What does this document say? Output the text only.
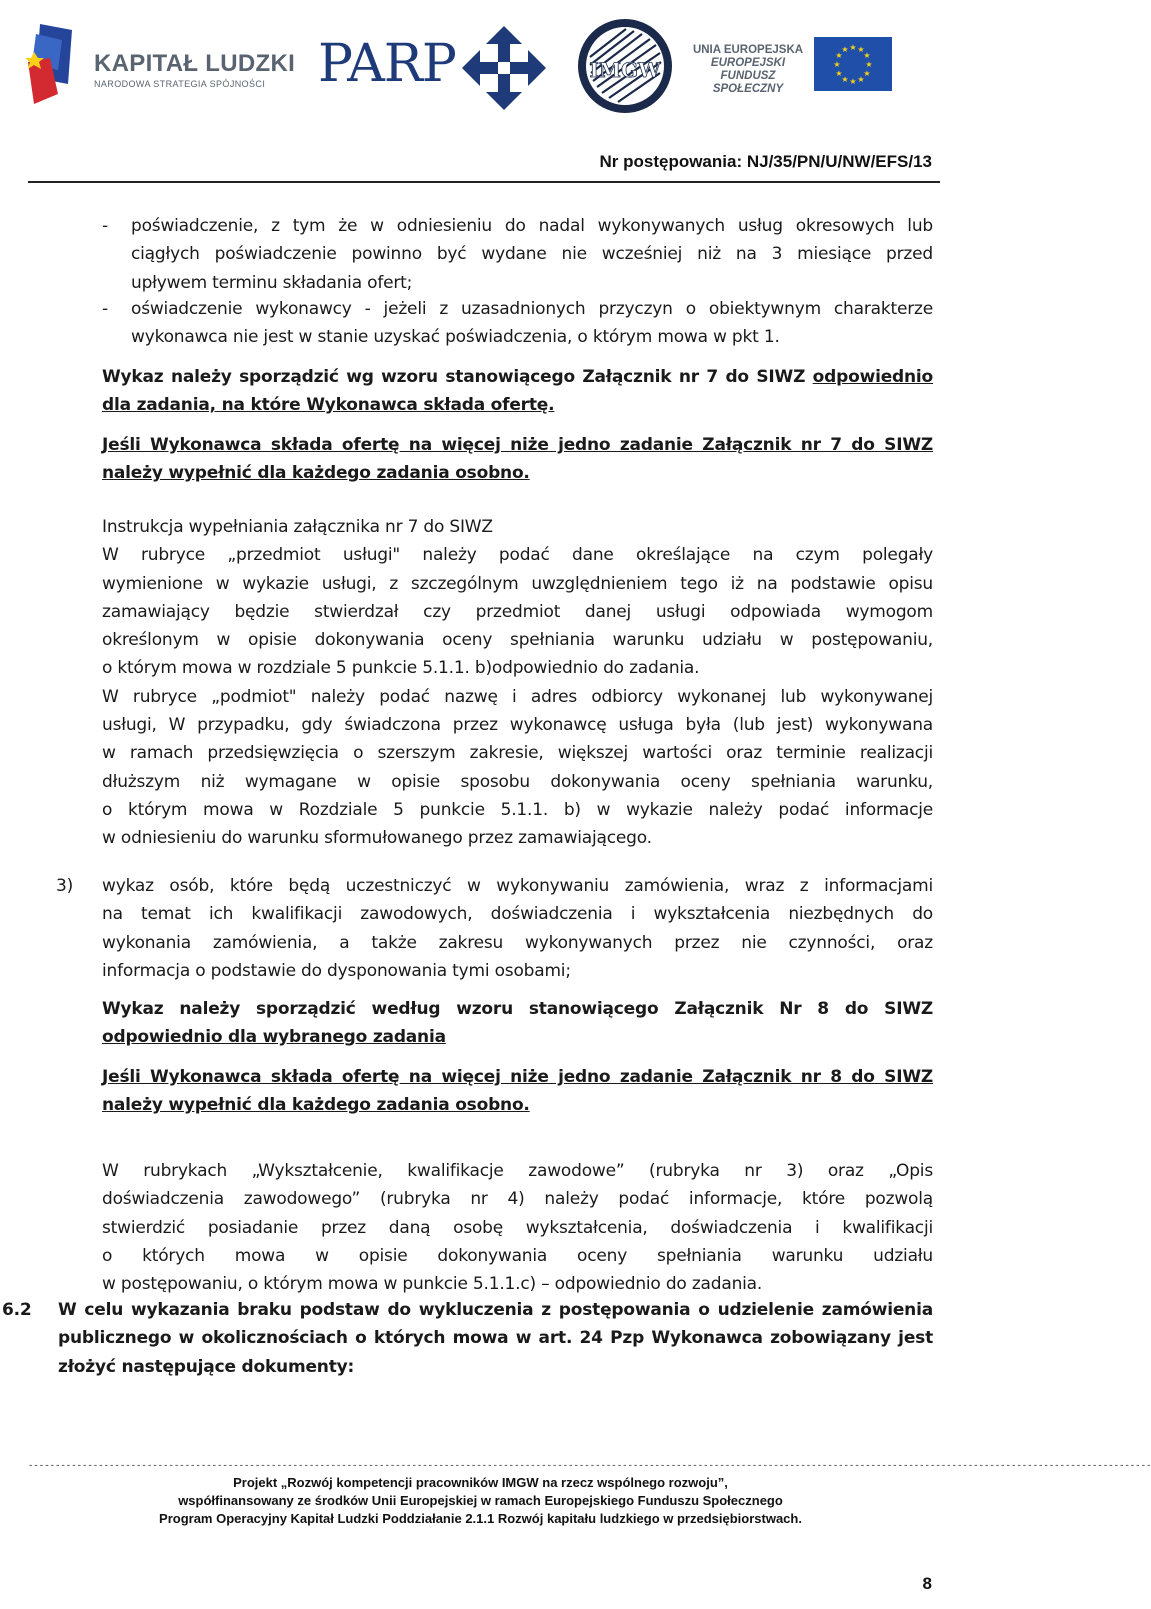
KAPITAŁ LUDZKI
NARODOWA STRATEGIA SPÓJNOŚCI PARP	IMGW
UNIA EUROPEJSKA
EUROPEJSKI
FUNDUSZ SPOŁECZNY
★ ★
★
★
★
★
★
★
★
★
★
★
Nr postępowania: NJ/35/PN/U/NW/EFS/13
- poświadczenie, z tym że w odniesieniu do nadal wykonywanych usług okresowych lub
ciągłych poświadczenie powinno być wydane nie wcześniej niż na 3 miesiące przed
upływem terminu składania ofert;
- oświadczenie wykonawcy - jeżeli z uzasadnionych przyczyn o obiektywnym charakterze
wykonawca nie jest w stanie uzyskać poświadczenia, o którym mowa w pkt 1.
Wykaz należy sporządzić wg wzoru stanowiącego Załącznik nr 7 do SIWZ odpowiednio
dla zadania, na które Wykonawca składa ofertę.
Jeśli Wykonawca składa ofertę na więcej niże jedno zadanie Załącznik nr 7 do SIWZ
należy wypełnić dla każdego zadania osobno.
Instrukcja wypełniania załącznika nr 7 do SIWZ
W rubryce „przedmiot usługi" należy podać dane określające na czym polegały
wymienione w wykazie usługi, z szczególnym uwzględnieniem tego iż na podstawie opisu
zamawiający będzie stwierdzał czy przedmiot danej usługi odpowiada wymogom
określonym w opisie dokonywania oceny spełniania warunku udziału w postępowaniu,
o którym mowa w rozdziale 5 punkcie 5.1.1. b)odpowiednio do zadania.
W rubryce „podmiot" należy podać nazwę i adres odbiorcy wykonanej lub wykonywanej
usługi, W przypadku, gdy świadczona przez wykonawcę usługa była (lub jest) wykonywana
w ramach przedsięwzięcia o szerszym zakresie, większej wartości oraz terminie realizacji
dłuższym niż wymagane w opisie sposobu dokonywania oceny spełniania warunku,
o którym mowa w Rozdziale 5 punkcie 5.1.1. b) w wykazie należy podać informacje
w odniesieniu do warunku sformułowanego przez zamawiającego.
3) wykaz osób, które będą uczestniczyć w wykonywaniu zamówienia, wraz z informacjami
na temat ich kwalifikacji zawodowych, doświadczenia i wykształcenia niezbędnych do
wykonania zamówienia, a także zakresu wykonywanych przez nie czynności, oraz
informacja o podstawie do dysponowania tymi osobami;
Wykaz należy sporządzić według wzoru stanowiącego Załącznik Nr 8 do SIWZ
odpowiednio dla wybranego zadania
Jeśli Wykonawca składa ofertę na więcej niże jedno zadanie Załącznik nr 8 do SIWZ
należy wypełnić dla każdego zadania osobno.
W rubrykach „Wykształcenie, kwalifikacje zawodowe” (rubryka nr 3) oraz „Opis
doświadczenia zawodowego” (rubryka nr 4) należy podać informacje, które pozwolą
stwierdzić posiadanie przez daną osobę wykształcenia, doświadczenia i kwalifikacji
o których mowa w opisie dokonywania oceny spełniania warunku udziału
w postępowaniu, o którym mowa w punkcie 5.1.1.c) – odpowiednio do zadania.
6.2 W celu wykazania braku podstaw do wykluczenia z postępowania o udzielenie zamówienia
publicznego w okolicznościach o których mowa w art. 24 Pzp Wykonawca zobowiązany jest
złożyć następujące dokumenty:
----------------------------------------------------------------------------------------------------------------------------------------------------------------------------------------------------------------
Projekt „Rozwój kompetencji pracowników IMGW na rzecz wspólnego rozwoju”,
współfinansowany ze środków Unii Europejskiej w ramach Europejskiego Funduszu Społecznego
Program Operacyjny Kapitał Ludzki Poddziałanie 2.1.1 Rozwój kapitału ludzkiego w przedsiębiorstwach.
8
